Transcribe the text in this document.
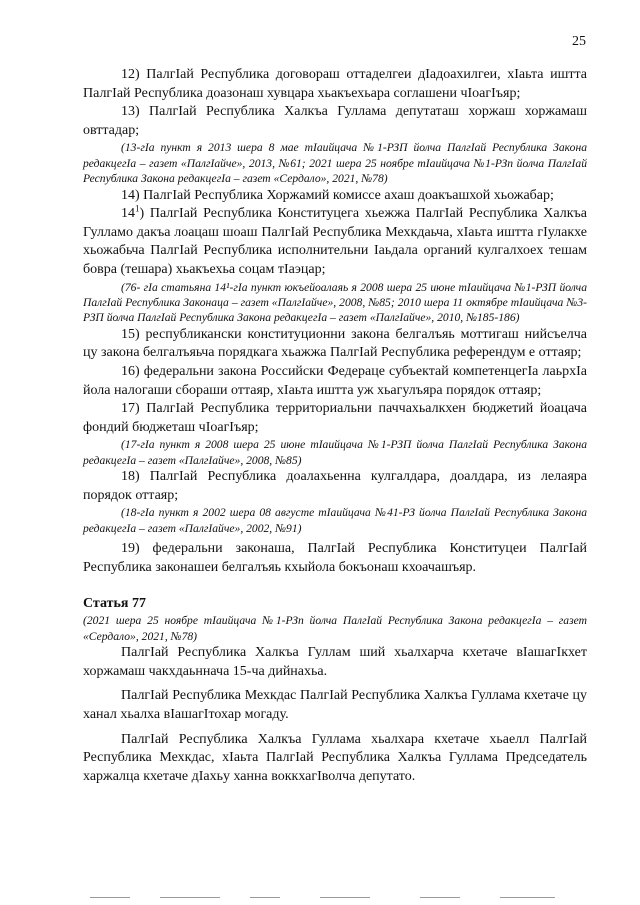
25

12) ПалгIай Республика договораш оттаделгеи дIадоахилгеи, хIаьта иштта ПалгIай Республика доазонаш хувцара хьакъехьара соглашени чIоагIъяр;

13) ПалгIай Республика Халкъа Гуллама депутаташ хоржаш хоржамаш овттадар;

(13-гIа пункт я 2013 шера 8 мае тIаийцача №1-РЗП йолча ПалгIай Республика Закона редакцегIа – газет «ПалгIайче», 2013, №61; 2021 шера 25 ноябре тIаийцача №1-РЗп йолча ПалгIай Республика Закона редакцегIа – газет «Сердало», 2021, №78)

14) ПалгIай Республика Хоржамий комиссе ахаш доакъашхой хьожабар;

$14^1$) ПалгIай Республика Конституцега хьежжа ПалгIай Республика Халкъа Гулламо дакъа лоацаш шоаш ПалгIай Республика Мехкдаьча, хIаьта иштта гIулакхе хьожабьча ПалгIай Республика исполнительни Iаьдала органий кулгалхоех тешам боврa (тешара) хьакъехьа соцам тIаэцар;

(76- гIа статьяна 14¹-гIа пункт юкъейоалаяь я 2008 шера 25 июне тIаийцача №1-РЗП йолча ПалгIай Республика Законаца – газет «ПалгIайче», 2008, №85; 2010 шера 11 октябре тIаийцача №3-РЗП йолча ПалгIай Республика Закона редакцегIа – газет «ПалгIайче», 2010, №185-186)

15) республикански конституционни закона белгалъяь моттигаш нийсъелча цу закона белгалъяьча порядкага хьажжа ПалгIай Республика референдум е оттаяр;

16) федеральни закона Российски Федераце субъектай компетенцегIа лаьрхIа йола налогаши сбораши оттаяр, хIаьта иштта уж хьагулъяра порядок оттаяр;

17) ПалгIай Республика территориальни паччахьалкхен бюджетий йоацача фондий бюджеташ чIоагIъяр;

(17-гIа пункт я 2008 шера 25 июне тIаийцача №1-РЗП йолча ПалгIай Республика Закона редакцегIа – газет «ПалгIайче», 2008, №85)

18) ПалгIай Республика доалахьенна кулгалдара, доалдара, из лелаяра порядок оттаяр;

(18-гIа пункт я 2002 шера 08 августе тIаийцача №41-РЗ йолча ПалгIай Республика Закона редакцегIа – газет «ПалгIайче», 2002, №91)

19) федеральни законаша, ПалгIай Республика Конституцеи ПалгIай Республика законашеи белгалъяь кхыйола бокъонаш кхоачашъяр.

Статья 77

(2021 шера 25 ноябре тIаийцача №1-РЗп йолча ПалгIай Республика Закона редакцегIа – газет «Сердало», 2021, №78)

ПалгIай Республика Халкъа Гуллам ший хьалхарча кхетаче вIашагIкхет хоржамаш чакхдаьннача 15-ча дийнахьа.

ПалгIай Республика Мехкдас ПалгIай Республика Халкъа Гуллама кхетаче цу ханал хьалха вIашагIтохар могаду.

ПалгIай Республика Халкъа Гуллама хьалхара кхетаче хьаелл ПалгIай Республика Мехкдас, хIаьта ПалгIай Республика Халкъа Гуллама Председатель харжалца кхетаче дIахьу ханна воккхагIволча депутато.
